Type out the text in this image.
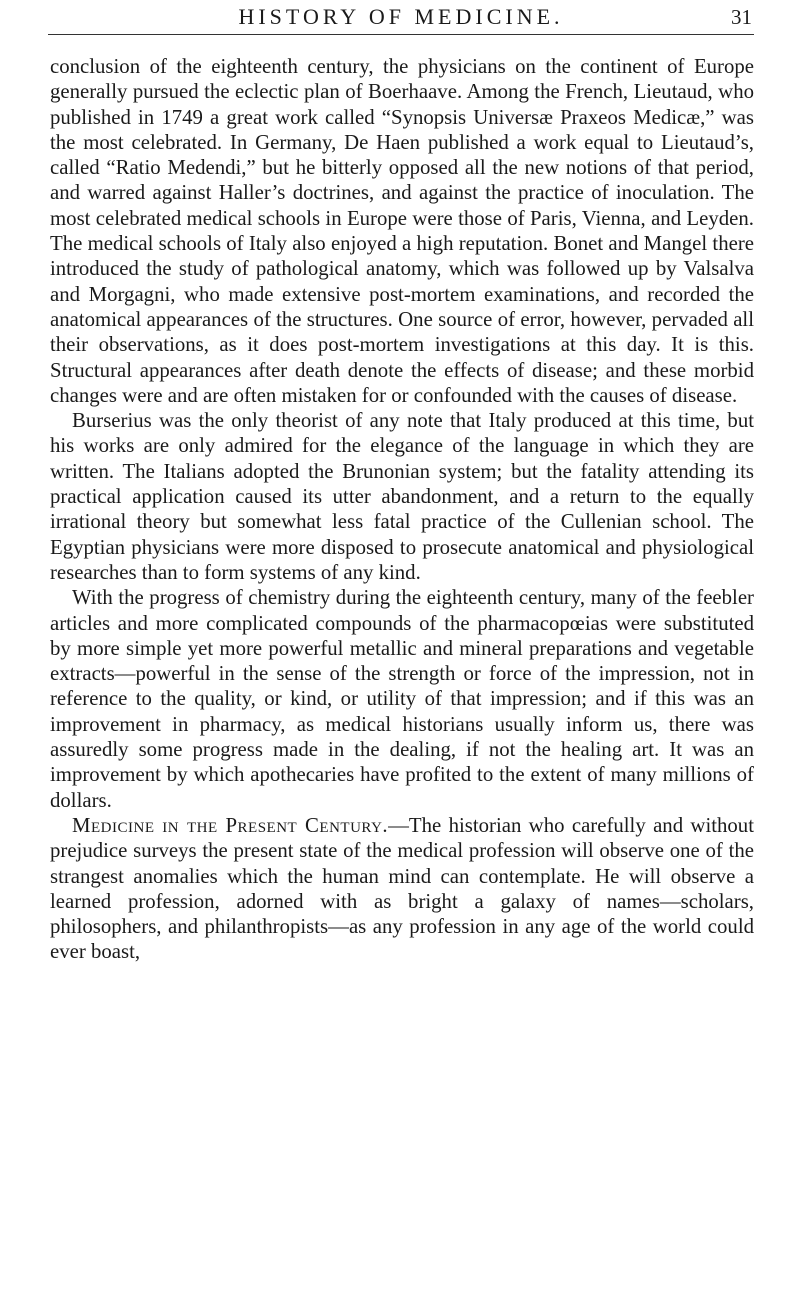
HISTORY OF MEDICINE.	31

conclusion of the eighteenth century, the physicians on the continent of Europe generally pursued the eclectic plan of Boerhaave. Among the French, Lieutaud, who published in 1749 a great work called “Synopsis Universæ Praxeos Medicæ,” was the most celebrated. In Germany, De Haen published a work equal to Lieutaud’s, called “Ratio Medendi,” but he bitterly opposed all the new notions of that period, and warred against Haller’s doctrines, and against the practice of inoculation. The most celebrated medical schools in Europe were those of Paris, Vienna, and Leyden. The medical schools of Italy also enjoyed a high reputation. Bonet and Mangel there introduced the study of pathological anatomy, which was followed up by Valsalva and Morgagni, who made extensive post-mortem examinations, and recorded the anatomical appearances of the structures. One source of error, however, pervaded all their observations, as it does post-mortem investigations at this day. It is this. Structural appearances after death denote the effects of disease; and these morbid changes were and are often mistaken for or confounded with the causes of disease.

Burserius was the only theorist of any note that Italy produced at this time, but his works are only admired for the elegance of the language in which they are written. The Italians adopted the Brunonian system; but the fatality attending its practical application caused its utter abandonment, and a return to the equally irrational theory but somewhat less fatal practice of the Cullenian school. The Egyptian physicians were more disposed to prosecute anatomical and physiological researches than to form systems of any kind.

With the progress of chemistry during the eighteenth century, many of the feebler articles and more complicated compounds of the pharmacopœias were substituted by more simple yet more powerful metallic and mineral preparations and vegetable extracts—powerful in the sense of the strength or force of the impression, not in reference to the quality, or kind, or utility of that impression; and if this was an improvement in pharmacy, as medical historians usually inform us, there was assuredly some progress made in the dealing, if not the healing art. It was an improvement by which apothecaries have profited to the extent of many millions of dollars.

Medicine in the Present Century.—The historian who carefully and without prejudice surveys the present state of the medical profession will observe one of the strangest anomalies which the human mind can contemplate. He will observe a learned profession, adorned with as bright a galaxy of names—scholars, philosophers, and philanthropists—as any profession in any age of the world could ever boast,
